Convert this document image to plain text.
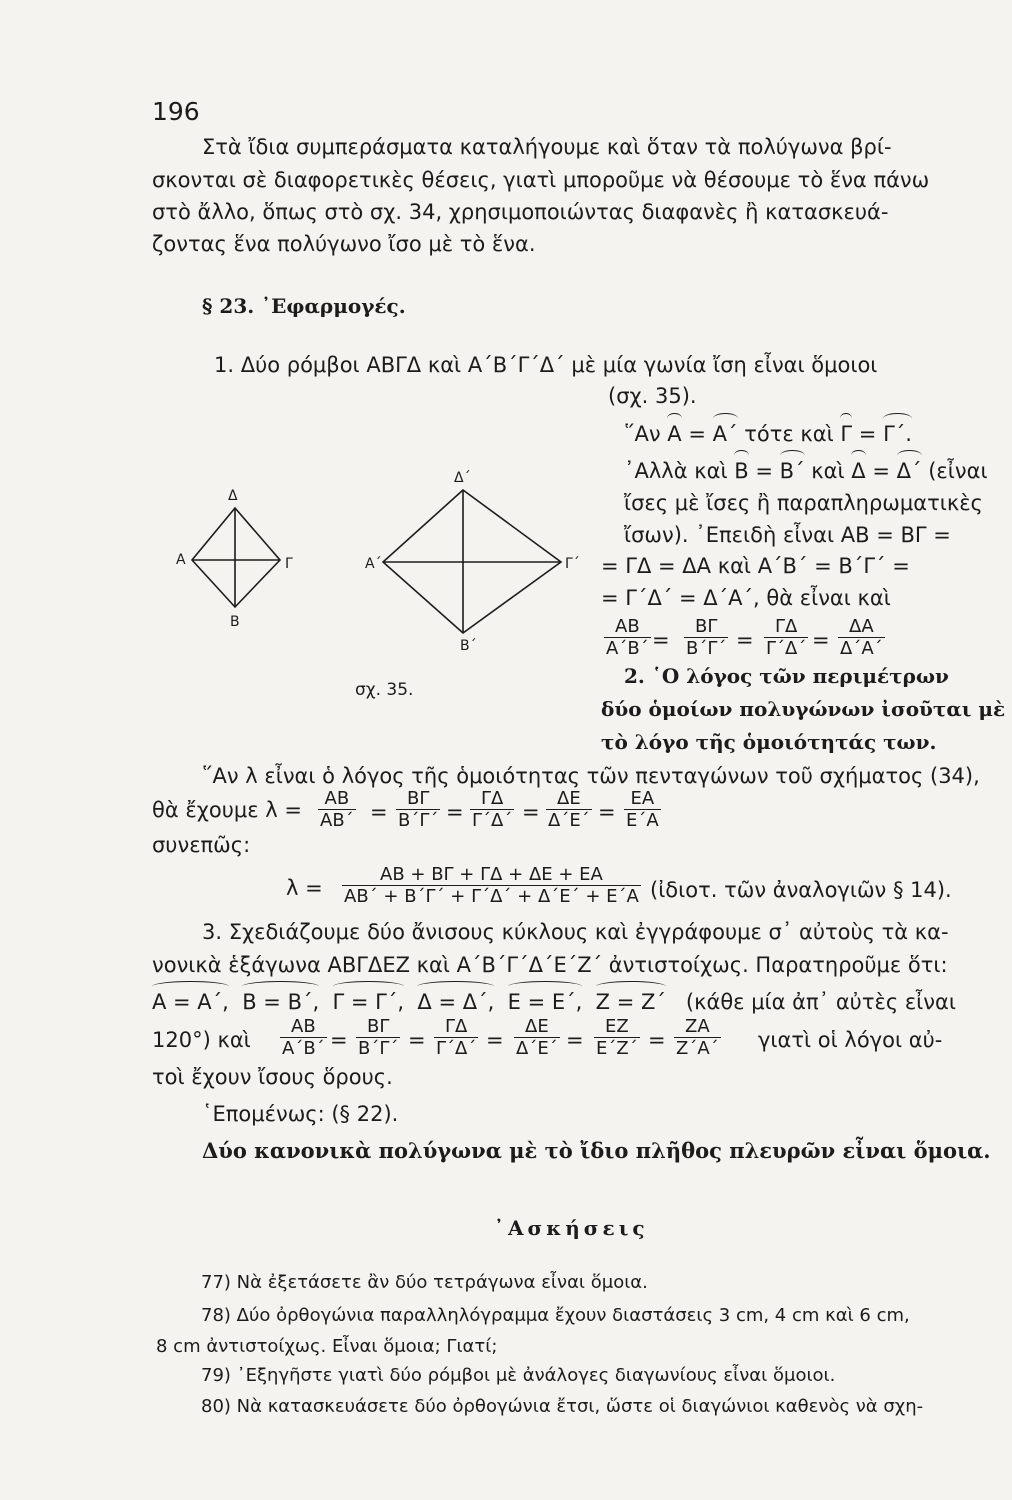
196
Στὰ ἴδια συμπεράσματα καταλήγουμε καὶ ὅταν τὰ πολύγωνα βρί-
σκονται σὲ διαφορετικὲς θέσεις, γιατὶ μποροῦμε νὰ θέσουμε τὸ ἕνα πάνω
στὸ ἄλλο, ὅπως στὸ σχ. 34, χρησιμοποιώντας διαφανὲς ἢ κατασκευά-
ζοντας ἕνα πολύγωνο ἴσο μὲ τὸ ἕνα.
§ 23. ᾿Εφαρμογές.
1. Δύο ρόμβοι ΑΒΓΔ καὶ Α΄Β΄Γ΄Δ΄ μὲ μία γωνία ἴση εἶναι ὅμοιοι
(σχ. 35).
῞Αν Α = Α΄ τότε καὶ Γ = Γ΄.
᾿Αλλὰ καὶ Β = Β΄ καὶ Δ = Δ΄ (εἶναι
ἴσες μὲ ἴσες ἢ παραπληρωματικὲς
ἴσων). ᾿Επειδὴ εἶναι ΑΒ = ΒΓ =
= ΓΔ = ΔΑ καὶ Α΄Β΄ = Β΄Γ΄ =
= Γ΄Δ΄ = Δ΄Α΄, θὰ εἶναι καὶ
$\frac{AB}{A΄B΄} = \frac{B\Gamma}{B΄\Gamma΄} = \frac{\Gamma\Delta}{\Gamma΄\Delta΄} = \frac{\Delta A}{\Delta΄A΄}$
Δ
Α	Γ
Β
Δ΄
Α΄	Γ΄
Β΄
σχ. 35.
2. ῾Ο λόγος τῶν περιμέτρων
δύο ὁμοίων πολυγώνων ἰσοῦται μὲ
τὸ λόγο τῆς ὁμοιότητάς των.
῞Αν λ εἶναι ὁ λόγος τῆς ὁμοιότητας τῶν πενταγώνων τοῦ σχήματος (34),
θὰ ἔχουμε $\lambda = \frac{AB}{AB΄} = \frac{B\Gamma}{B΄\Gamma΄} = \frac{\Gamma\Delta}{\Gamma΄\Delta΄} = \frac{\Delta E}{\Delta΄E΄} = \frac{EA}{E΄A}$
συνεπῶς:
$\lambda = \frac{AB + B\Gamma + \Gamma\Delta + \Delta E + EA}{AB΄ + B΄\Gamma΄ + \Gamma΄\Delta΄ + \Delta΄E΄ + E΄A}$ (ἰδιοτ. τῶν ἀναλογιῶν § 14).
3. Σχεδιάζουμε δύο ἄνισους κύκλους καὶ ἐγγράφουμε σ᾿ αὐτοὺς τὰ κα-
νονικὰ ἑξάγωνα ΑΒΓΔΕΖ καὶ Α΄Β΄Γ΄Δ΄Ε΄Ζ΄ ἀντιστοίχως. Παρατηροῦμε ὅτι:
Α = Α΄, Β = Β΄, Γ = Γ΄, Δ = Δ΄, Ε = Ε΄, Ζ = Ζ΄ (κάθε μία ἀπ᾿ αὐτὲς εἶναι
120°) καὶ $\frac{AB}{A΄B΄} = \frac{B\Gamma}{B΄\Gamma΄} = \frac{\Gamma\Delta}{\Gamma΄\Delta΄} = \frac{\Delta E}{\Delta΄E΄} = \frac{EZ}{E΄Z΄} = \frac{ZA}{Z΄A΄}$ γιατὶ οἱ λόγοι αὐ-
τοὶ ἔχουν ἴσους ὅρους.
῾Επομένως: (§ 22).
Δύο κανονικὰ πολύγωνα μὲ τὸ ἴδιο πλῆθος πλευρῶν εἶναι ὅμοια.
᾿Ασκήσεις
77) Νὰ ἐξετάσετε ἂν δύο τετράγωνα εἶναι ὅμοια.
78) Δύο ὀρθογώνια παραλληλόγραμμα ἔχουν διαστάσεις 3 cm, 4 cm καὶ 6 cm,
8 cm ἀντιστοίχως. Εἶναι ὅμοια; Γιατί;
79) ᾿Εξηγῆστε γιατὶ δύο ρόμβοι μὲ ἀνάλογες διαγωνίους εἶναι ὅμοιοι.
80) Νὰ κατασκευάσετε δύο ὀρθογώνια ἔτσι, ὥστε οἱ διαγώνιοι καθενὸς νὰ σχη-
